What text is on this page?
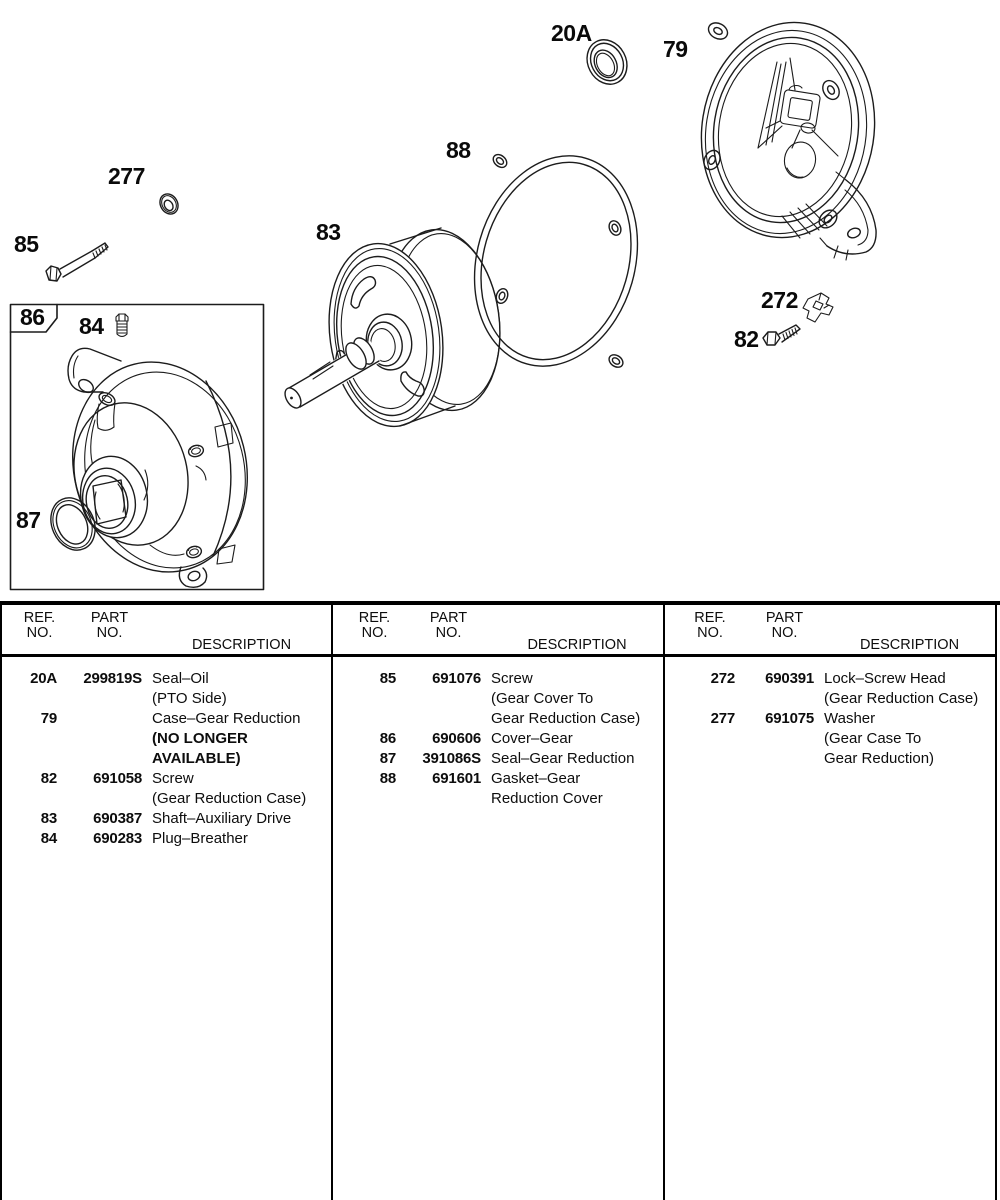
20A
79
88
83
277
85
86 84
87
272
82
REF.
NO.
PART
NO.
DESCRIPTION
20A	299819S Seal–Oil
(PTO Side)
79	Case–Gear Reduction
(NO LONGER
AVAILABLE)
82	691058 Screw
(Gear Reduction Case)
83	690387 Shaft–Auxiliary Drive
84	690283 Plug–Breather
REF.
NO.
PART
NO.
DESCRIPTION
85	691076 Screw
(Gear Cover To
Gear Reduction Case)
86	690606 Cover–Gear
87	391086S Seal–Gear Reduction
88	691601 Gasket–Gear
Reduction Cover
REF.
NO.
PART
NO.
DESCRIPTION
272	690391 Lock–Screw Head
(Gear Reduction Case)
277	691075 Washer
(Gear Case To
Gear Reduction)
